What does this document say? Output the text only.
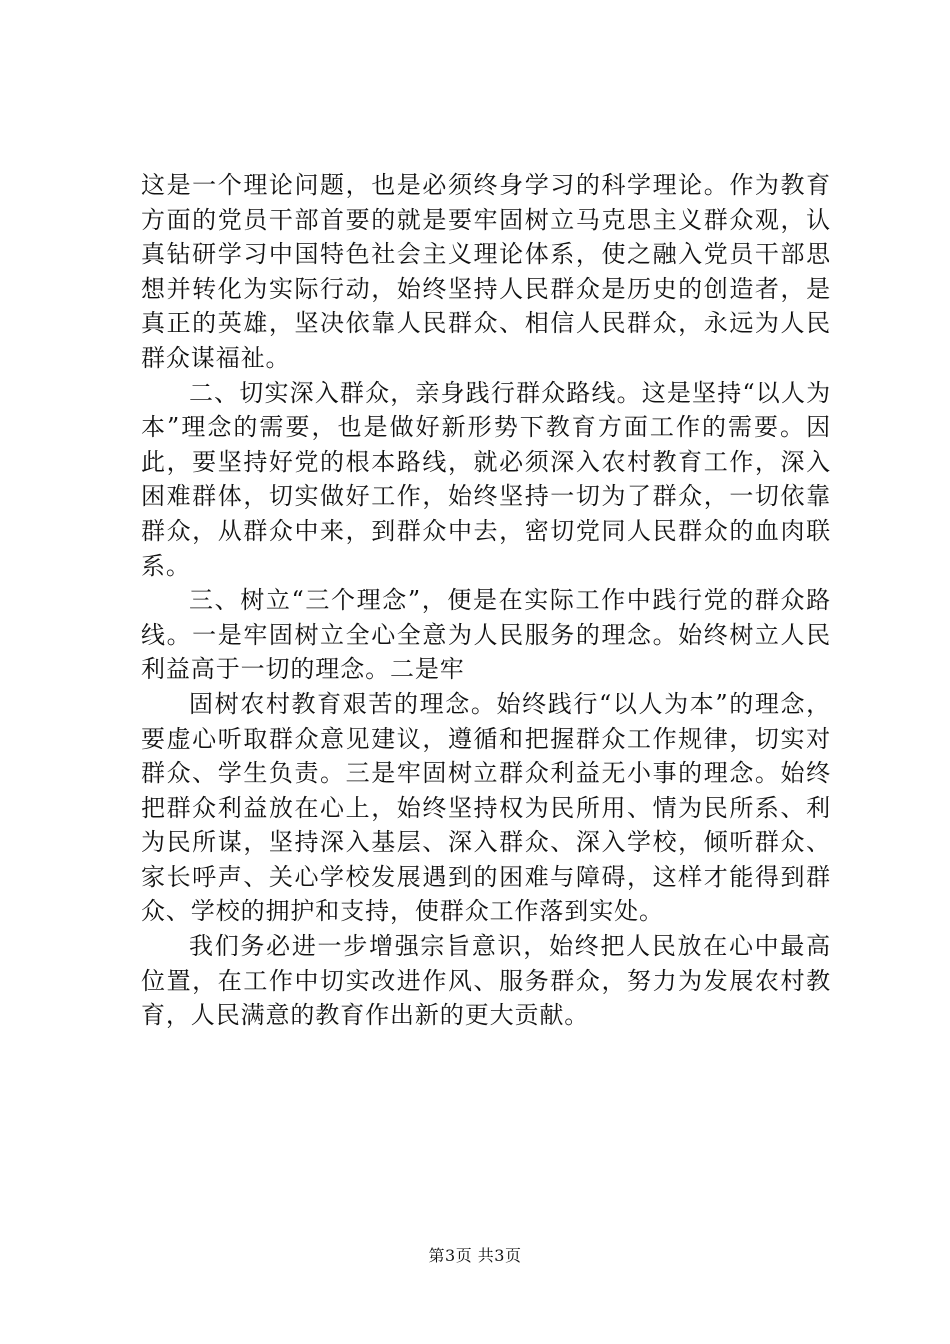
这是一个理论问题，也是必须终身学习的科学理论。作为教育方面的党员干部首要的就是要牢固树立马克思主义群众观，认真钻研学习中国特色社会主义理论体系，使之融入党员干部思想并转化为实际行动，始终坚持人民群众是历史的创造者，是真正的英雄，坚决依靠人民群众、相信人民群众，永远为人民群众谋福祉。

二、切实深入群众，亲身践行群众路线。这是坚持“以人为本”理念的需要，也是做好新形势下教育方面工作的需要。因此，要坚持好党的根本路线，就必须深入农村教育工作，深入困难群体，切实做好工作，始终坚持一切为了群众，一切依靠群众，从群众中来，到群众中去，密切党同人民群众的血肉联系。

三、树立“三个理念”，便是在实际工作中践行党的群众路线。一是牢固树立全心全意为人民服务的理念。始终树立人民利益高于一切的理念。二是牢

固树农村教育艰苦的理念。始终践行“以人为本”的理念，要虚心听取群众意见建议，遵循和把握群众工作规律，切实对群众、学生负责。三是牢固树立群众利益无小事的理念。始终把群众利益放在心上，始终坚持权为民所用、情为民所系、利为民所谋，坚持深入基层、深入群众、深入学校，倾听群众、家长呼声、关心学校发展遇到的困难与障碍，这样才能得到群众、学校的拥护和支持，使群众工作落到实处。

我们务必进一步增强宗旨意识，始终把人民放在心中最高位置，在工作中切实改进作风、服务群众，努力为发展农村教育，人民满意的教育作出新的更大贡献。

第3页 共3页
